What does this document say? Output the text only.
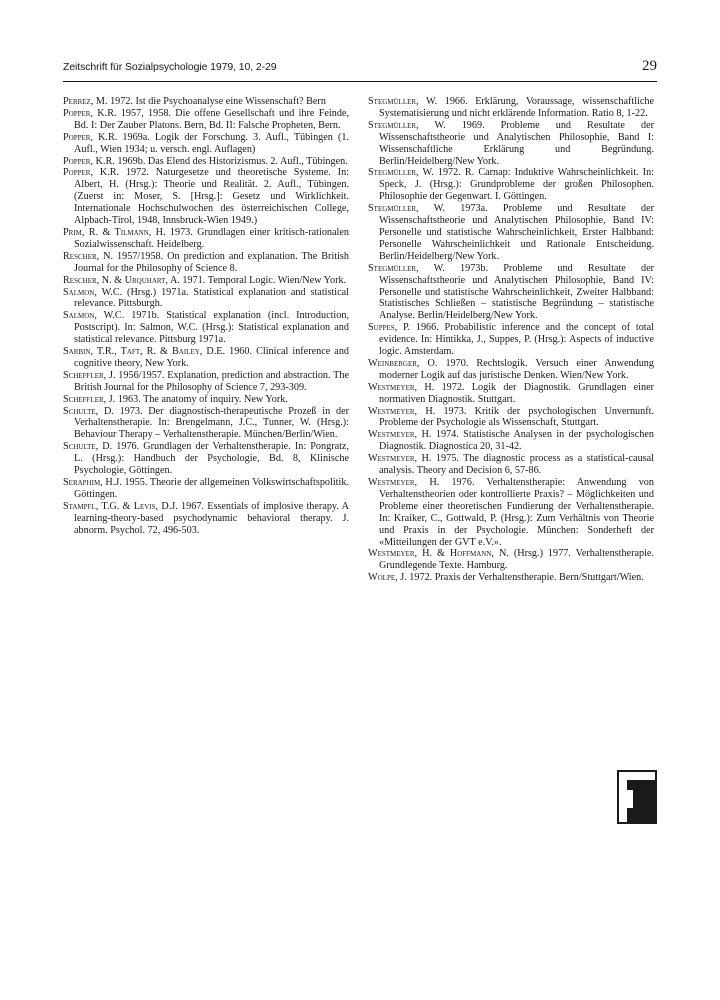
Zeitschrift für Sozialpsychologie 1979, 10, 2-29	29

Perrez, M. 1972. Ist die Psychoanalyse eine Wissenschaft? Bern

Popper, K.R. 1957, 1958. Die offene Gesellschaft und ihre Feinde, Bd. I: Der Zauber Platons. Bern, Bd. II: Falsche Propheten, Bern.

Popper, K.R. 1969a. Logik der Forschung. 3. Aufl., Tübingen (1. Aufl., Wien 1934; u. versch. engl. Auflagen)

Popper, K.R. 1969b. Das Elend des Historizismus. 2. Aufl., Tübingen.

Popper, K.R. 1972. Naturgesetze und theoretische Systeme. In: Albert, H. (Hrsg.): Theorie und Realität. 2. Aufl., Tübingen. (Zuerst in: Moser, S. [Hrsg.]: Gesetz und Wirklichkeit. Internationale Hochschulwochen des österreichischen College, Alpbach-Tirol, 1948, Innsbruck-Wien 1949.)

Prim, R. & Tilmann, H. 1973. Grundlagen einer kritisch-rationalen Sozialwissenschaft. Heidelberg.

Rescher, N. 1957/1958. On prediction and explanation. The British Journal for the Philosophy of Science 8.

Rescher, N. & Urquhart, A. 1971. Temporal Logic. Wien/New York.

Salmon, W.C. (Hrsg.) 1971a. Statistical explanation and statistical relevance. Pittsburgh.

Salmon, W.C. 1971b. Statistical explanation (incl. Introduction, Postscript). In: Salmon, W.C. (Hrsg.): Statistical explanation and statistical relevance. Pittsburg 1971a.

Sarbin, T.R., Taft, R. & Bailey, D.E. 1960. Clinical inference and cognitive theory, New York.

Scheffler, J. 1956/1957. Explanation, prediction and abstraction. The British Journal for the Philosophy of Science 7, 293-309.

Scheffler, J. 1963. The anatomy of inquiry. New York.

Schulte, D. 1973. Der diagnostisch-therapeutische Prozeß in der Verhaltenstherapie. In: Brengelmann, J.C., Tunner, W. (Hrsg.): Behaviour Therapy – Verhaltenstherapie. München/Berlin/Wien.

Schulte, D. 1976. Grundlagen der Verhaltenstherapie. In: Pongratz, L. (Hrsg.): Handbuch der Psychologie, Bd. 8, Klinische Psychologie, Göttingen.

Seraphim, H.J. 1955. Theorie der allgemeinen Volkswirtschaftspolitik. Göttingen.

Stampfl, T.G. & Levis, D.J. 1967. Essentials of implosive therapy. A learning-theory-based psychodynamic behavioral therapy. J. abnorm. Psychol. 72, 496-503.

Stegmüller, W. 1966. Erklärung, Voraussage, wissenschaftliche Systematisierung und nicht erklärende Information. Ratio 8, 1-22.

Stegmüller, W. 1969. Probleme und Resultate der Wissenschaftstheorie und Analytischen Philosophie, Band I: Wissenschaftliche Erklärung und Begründung. Berlin/Heidelberg/New York.

Stegmüller, W. 1972. R. Carnap: Induktive Wahrscheinlichkeit. In: Speck, J. (Hrsg.): Grundprobleme der großen Philosophen. Philosophie der Gegenwart. I. Göttingen.

Stegmüller, W. 1973a. Probleme und Resultate der Wissenschaftstheorie und Analytischen Philosophie, Band IV: Personelle und statistische Wahrscheinlichkeit, Erster Halbband: Personelle Wahrscheinlichkeit und Rationale Entscheidung. Berlin/Heidelberg/New York.

Stegmüller, W. 1973b. Probleme und Resultate der Wissenschaftstheorie und Analytischen Philosophie, Band IV: Personelle und statistische Wahrscheinlichkeit, Zweiter Halbband: Statistisches Schließen – statistische Begründung – statistische Analyse. Berlin/Heidelberg/New York.

Suppes, P. 1966. Probabilistic inference and the concept of total evidence. In: Hintikka, J., Suppes, P. (Hrsg.): Aspects of inductive logic. Amsterdam.

Weinberger, O. 1970. Rechtslogik. Versuch einer Anwendung moderner Logik auf das juristische Denken. Wien/New York.

Westmeyer, H. 1972. Logik der Diagnostik. Grundlagen einer normativen Diagnostik. Stuttgart.

Westmeyer, H. 1973. Kritik der psychologischen Unvernunft. Probleme der Psychologie als Wissenschaft, Stuttgart.

Westmeyer, H. 1974. Statistische Analysen in der psychologischen Diagnostik. Diagnostica 20, 31-42.

Westmeyer, H. 1975. The diagnostic process as a statistical-causal analysis. Theory and Decision 6, 57-86.

Westmeyer, H. 1976. Verhaltenstherapie: Anwendung von Verhaltenstheorien oder kontrollierte Praxis? – Möglichkeiten und Probleme einer theoretischen Fundierung der Verhaltenstherapie. In: Kraiker, C., Gottwald, P. (Hrsg.): Zum Verhältnis von Theorie und Praxis in der Psychologie. München: Sonderheft der «Mitteilungen der GVT e.V.».

Westmeyer, H. & Hoffmann, N. (Hrsg.) 1977. Verhaltenstherapie. Grundlegende Texte. Hamburg.

Wolpe, J. 1972. Praxis der Verhaltenstherapie. Bern/Stuttgart/Wien.
